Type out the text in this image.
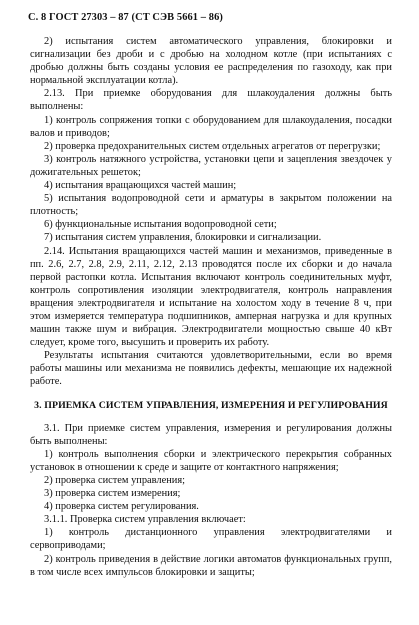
С. 8 ГОСТ 27303 – 87 (СТ СЭВ 5661 – 86)

2) испытания систем автоматического управления, блокировки и сигнализации без дроби и с дробью на холодном котле (при испытаниях с дробью должны быть созданы условия ее распределения по газоходу, как при нормальной эксплуатации котла).

2.13. При приемке оборудования для шлакоудаления должны быть выполнены:

1) контроль сопряжения топки с оборудованием для шлакоудаления, посадки валов и приводов;

2) проверка предохранительных систем отдельных агрегатов от перегрузки;

3) контроль натяжного устройства, установки цепи и зацепления звездочек у дожигательных решеток;

4) испытания вращающихся частей машин;

5) испытания водопроводной сети и арматуры в закрытом положении на плотность;

6) функциональные испытания водопроводной сети;

7) испытания систем управления, блокировки и сигнализации.

2.14. Испытания вращающихся частей машин и механизмов, приведенные в пп. 2.6, 2.7, 2.8, 2.9, 2.11, 2.12, 2.13 проводятся после их сборки и до начала первой растопки котла. Испытания включают контроль соединительных муфт, контроль сопротивления изоляции электродвигателя, контроль направления вращения электродвигателя и испытание на холостом ходу в течение 8 ч, при этом измеряется температура подшипников, амперная нагрузка и для крупных машин также шум и вибрация. Электродвигатели мощностью свыше 40 кВт следует, кроме того, высушить и проверить их работу.

Результаты испытания считаются удовлетворительными, если во время работы машины или механизма не появились дефекты, мешающие их надежной работе.

3. ПРИЕМКА СИСТЕМ УПРАВЛЕНИЯ, ИЗМЕРЕНИЯ И РЕГУЛИРОВАНИЯ

3.1. При приемке систем управления, измерения и регулирования должны быть выполнены:

1) контроль выполнения сборки и электрического перекрытия собранных установок в отношении к среде и защите от контактного напряжения;

2) проверка систем управления;

3) проверка систем измерения;

4) проверка систем регулирования.

3.1.1. Проверка систем управления включает:

1) контроль дистанционного управления электродвигателями и сервоприводами;

2) контроль приведения в действие логики автоматов функциональных групп, в том числе всех импульсов блокировки и защиты;
